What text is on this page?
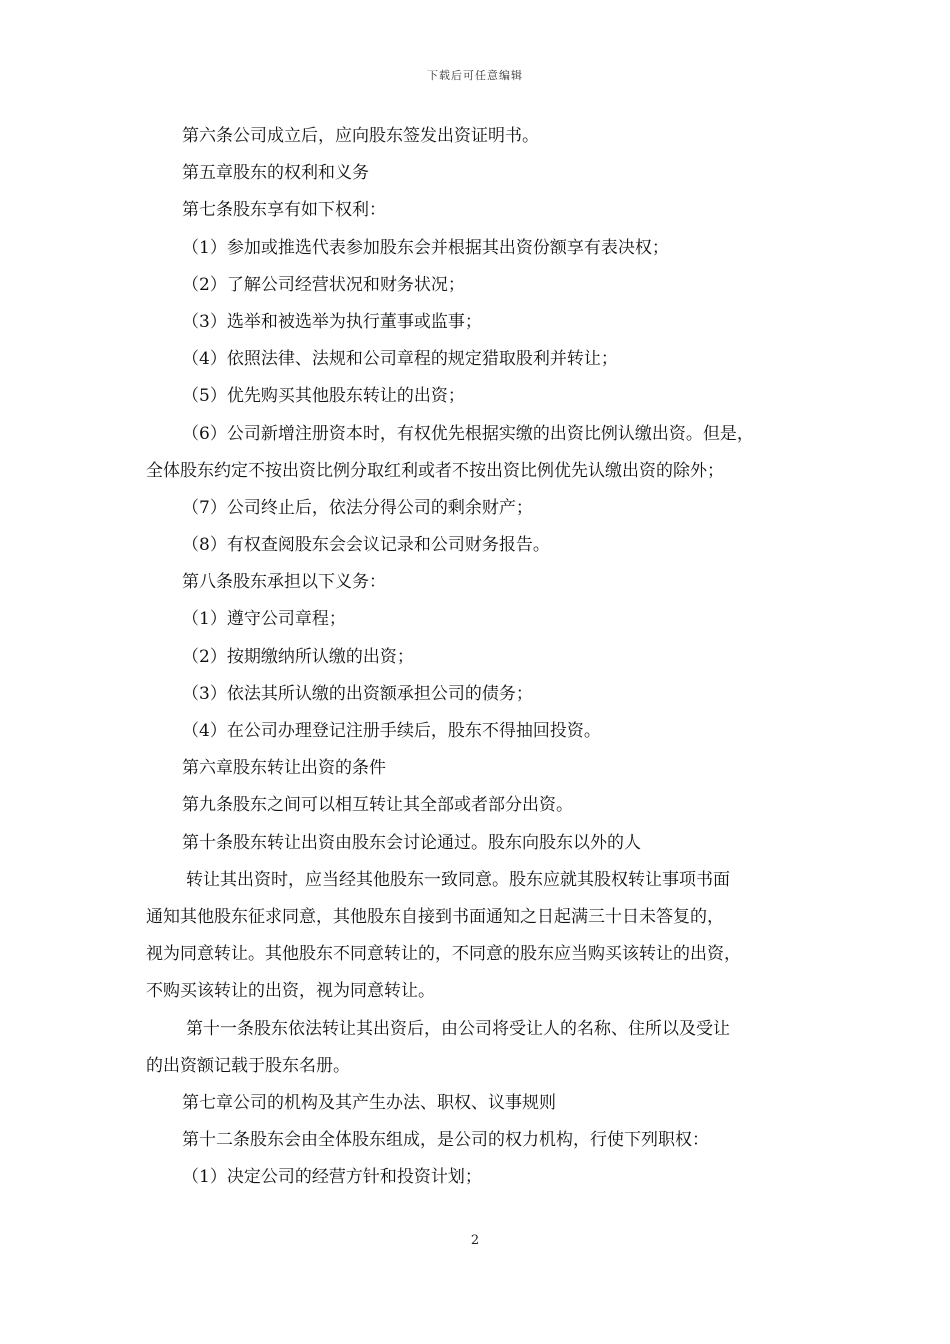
下载后可任意编辑
第六条公司成立后，应向股东签发出资证明书。
第五章股东的权利和义务
第七条股东享有如下权利：
（1）参加或推选代表参加股东会并根据其出资份额享有表决权；
（2）了解公司经营状况和财务状况；
（3）选举和被选举为执行董事或监事；
（4）依照法律、法规和公司章程的规定猎取股利并转让；
（5）优先购买其他股东转让的出资；
（6）公司新增注册资本时，有权优先根据实缴的出资比例认缴出资。但是，
全体股东约定不按出资比例分取红利或者不按出资比例优先认缴出资的除外；
（7）公司终止后，依法分得公司的剩余财产；
（8）有权查阅股东会会议记录和公司财务报告。
第八条股东承担以下义务：
（1）遵守公司章程；
（2）按期缴纳所认缴的出资；
（3）依法其所认缴的出资额承担公司的债务；
（4）在公司办理登记注册手续后，股东不得抽回投资。
第六章股东转让出资的条件
第九条股东之间可以相互转让其全部或者部分出资。
第十条股东转让出资由股东会讨论通过。股东向股东以外的人
转让其出资时，应当经其他股东一致同意。股东应就其股权转让事项书面
通知其他股东征求同意，其他股东自接到书面通知之日起满三十日未答复的，
视为同意转让。其他股东不同意转让的，不同意的股东应当购买该转让的出资，
不购买该转让的出资，视为同意转让。
第十一条股东依法转让其出资后，由公司将受让人的名称、住所以及受让
的出资额记载于股东名册。
第七章公司的机构及其产生办法、职权、议事规则
第十二条股东会由全体股东组成，是公司的权力机构，行使下列职权：
（1）决定公司的经营方针和投资计划；
2
